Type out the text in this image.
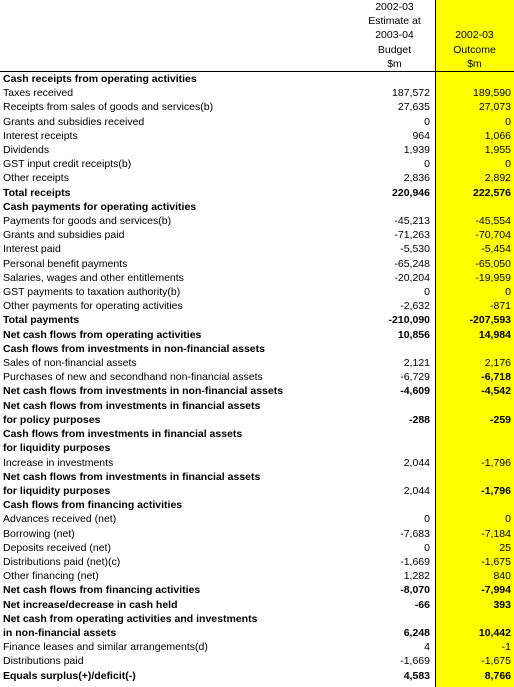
	2002-03		
	Estimate at		
	2003-04		2002-03
	Budget		Outcome
	$m		$m
Cash receipts from operating activities			
Taxes received	187,572		189,590
Receipts from sales of goods and services(b)	27,635		27,073
Grants and subsidies received	0		0
Interest receipts	964		1,066
Dividends	1,939		1,955
GST input credit receipts(b)	0		0
Other receipts	2,836		2,892
Total receipts	220,946		222,576
Cash payments for operating activities			
Payments for goods and services(b)	-45,213		-45,554
Grants and subsidies paid	-71,263		-70,704
Interest paid	-5,530		-5,454
Personal benefit payments	-65,248		-65,050
Salaries, wages and other entitlements	-20,204		-19,959
GST payments to taxation authority(b)	0		0
Other payments for operating activities	-2,632		-871
Total payments	-210,090		-207,593
Net cash flows from operating activities	10,856		14,984
Cash flows from investments in non-financial assets			
Sales of non-financial assets	2,121		2,176
Purchases of new and secondhand non-financial assets	-6,729		-6,718
Net cash flows from investments in non-financial assets	-4,609		-4,542
Net cash flows from investments in financial assets			
for policy purposes	-288		-259
Cash flows from investments in financial assets			
for liquidity purposes			
Increase in investments	2,044		-1,796
Net cash flows from investments in financial assets			
for liquidity purposes	2,044		-1,796
Cash flows from financing activities			
Advances received (net)	0		0
Borrowing (net)	-7,683		-7,184
Deposits received (net)	0		25
Distributions paid (net)(c)	-1,669		-1,675
Other financing (net)	1,282		840
Net cash flows from financing activities	-8,070		-7,994
Net increase/decrease in cash held	-66		393
Net cash from operating activities and investments			
in non-financial assets	6,248		10,442
Finance leases and similar arrangements(d)	4		-1
Distributions paid	-1,669		-1,675
Equals surplus(+)/deficit(-)	4,583		8,766
